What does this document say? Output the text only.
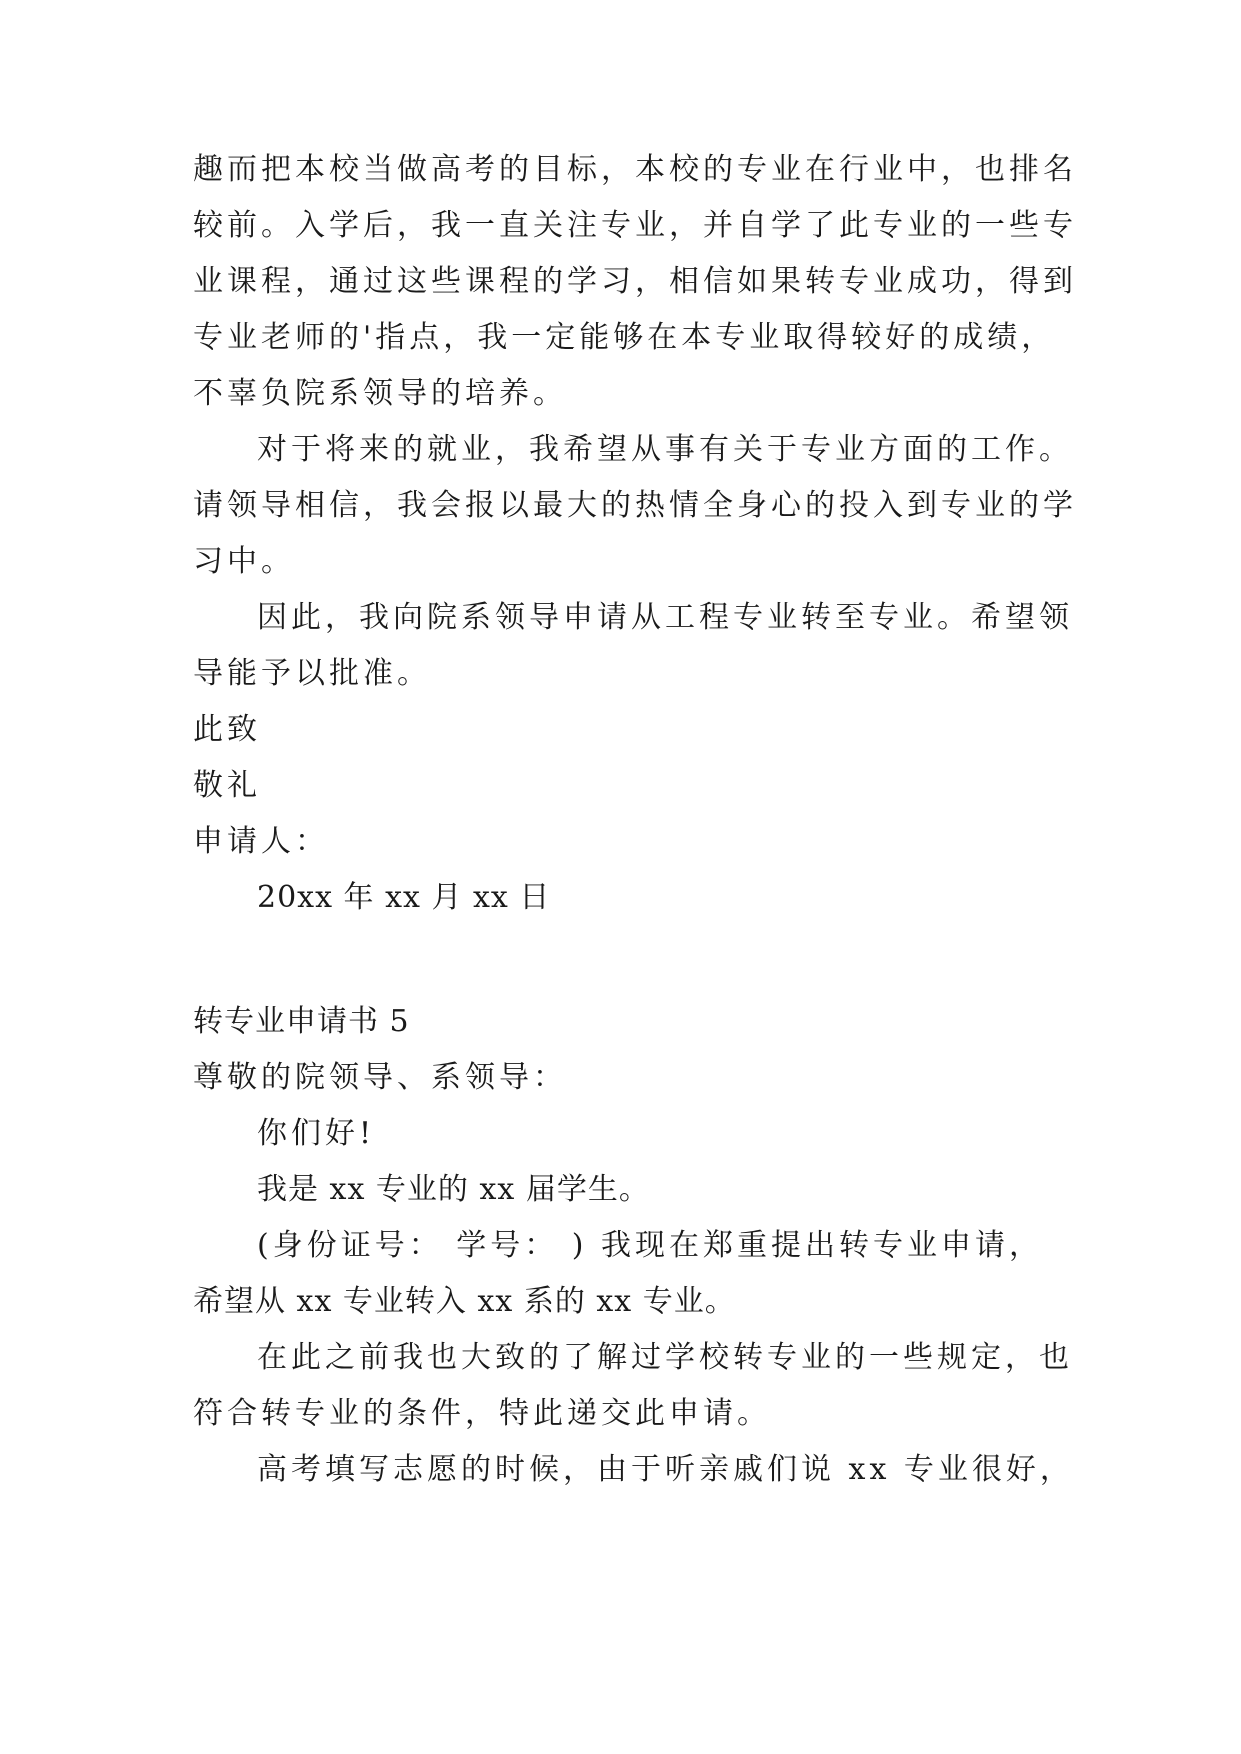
趣而把本校当做高考的目标，本校的专业在行业中，也排名
较前。入学后，我一直关注专业，并自学了此专业的一些专
业课程，通过这些课程的学习，相信如果转专业成功，得到
专业老师的'指点，我一定能够在本专业取得较好的成绩，
不辜负院系领导的培养。
对于将来的就业，我希望从事有关于专业方面的工作。
请领导相信，我会报以最大的热情全身心的投入到专业的学
习中。
因此，我向院系领导申请从工程专业转至专业。希望领
导能予以批准。
此致
敬礼
申请人：
20xx 年 xx 月 xx 日
转专业申请书 5
尊敬的院领导、系领导：
你们好!
我是 xx 专业的 xx 届学生。
(身份证号： 学号： ) 我现在郑重提出转专业申请，
希望从 xx 专业转入 xx 系的 xx 专业。
在此之前我也大致的了解过学校转专业的一些规定，也
符合转专业的条件，特此递交此申请。
高考填写志愿的时候，由于听亲戚们说 xx 专业很好，
